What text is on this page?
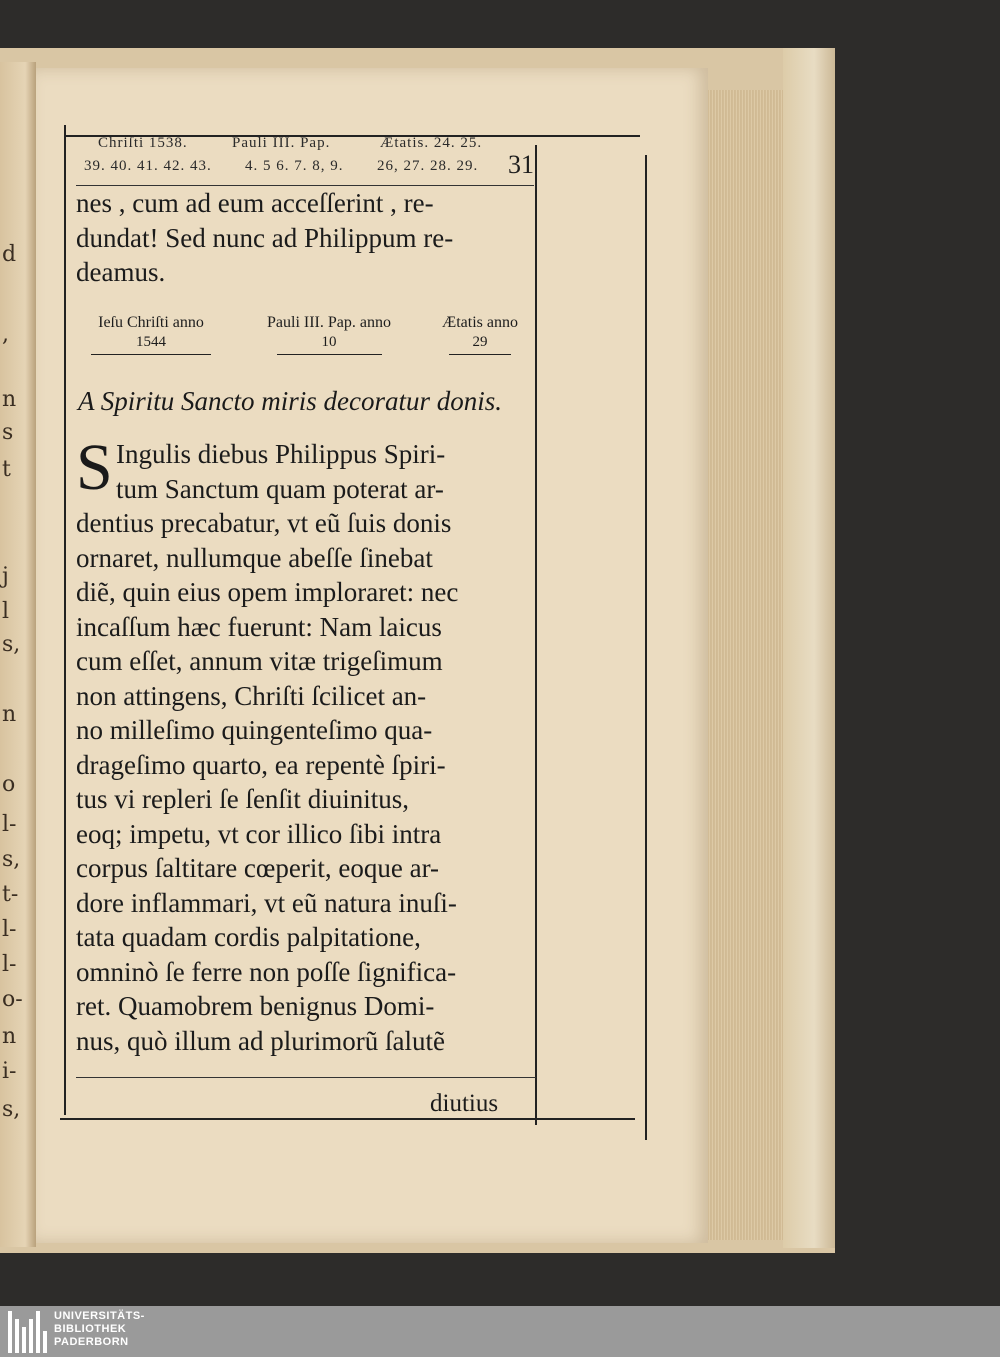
d
,
n
s
t
j
l
s,
n
o
l-
s,
t-
l-
l-
o-
n
i-
s,
Chriſti 1538.	Pauli III. Pap.	Ætatis. 24. 25.
39. 40. 41. 42. 43. 4. 5 6. 7. 8, 9. 26, 27. 28. 29. 31
nes , cum ad eum acceſſerint , re-
dundat! Sed nunc ad Philippum re-
deamus.
Ieſu Chriſti anno
1544
Pauli III. Pap. anno
10
Ætatis anno
29
A Spiritu Sancto miris decoratur donis.
S Ingulis diebus Philippus Spiri-
tum Sanctum quam poterat ar-
dentius precabatur, vt eũ ſuis donis
ornaret, nullumque abeſſe ſinebat
diẽ, quin eius opem imploraret: nec
incaſſum hæc fuerunt: Nam laicus
cum eſſet, annum vitæ trigeſimum
non attingens, Chriſti ſcilicet an-
no milleſimo quingenteſimo qua-
drageſimo quarto, ea repentè ſpiri-
tus vi repleri ſe ſenſit diuinitus,
eoq; impetu, vt cor illico ſibi intra
corpus ſaltitare cœperit, eoque ar-
dore inflammari, vt eũ natura inuſi-
tata quadam cordis palpitatione,
omninò ſe ferre non poſſe ſignifica-
ret. Quamobrem benignus Domi-
nus, quò illum ad plurimorũ ſalutẽ
diutius
UNIVERSITÄTS-
BIBLIOTHEK
PADERBORN
